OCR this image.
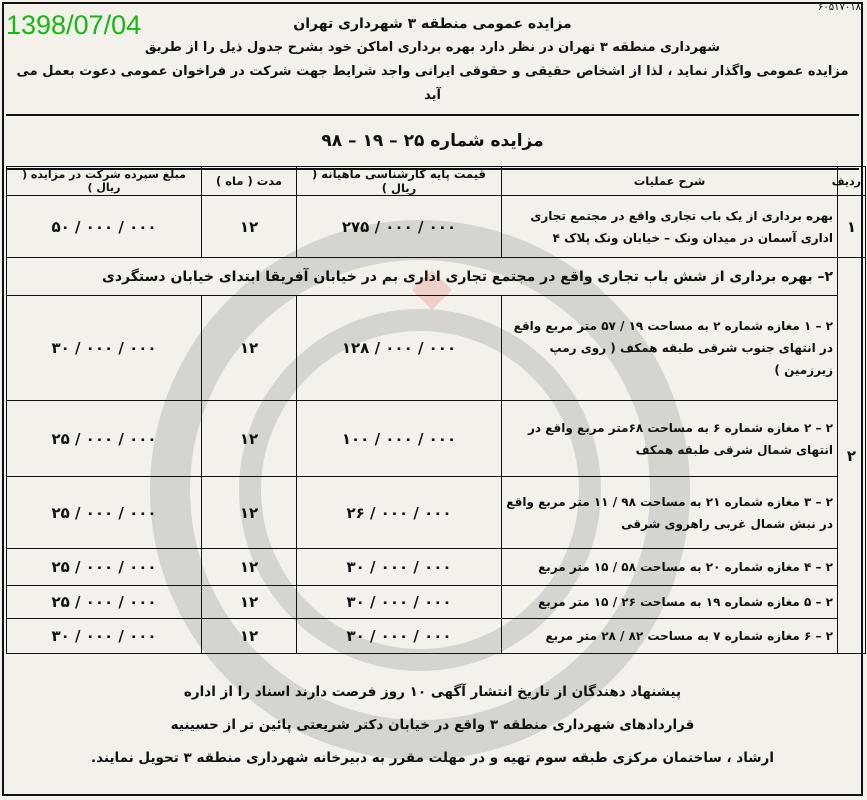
1398/07/04
۶۰۵۱۷۰۱۸
مزایده عمومی منطقه ۳ شهرداری تهران
شهرداری منطقه ۳ تهران در نظر دارد بهره برداری اماکن خود بشرح جدول ذیل را از طریق
مزایده عمومی واگذار نماید ، لذا از اشخاص حقیقی و حقوقی ایرانی واجد شرایط جهت شرکت در فراخوان عمومی دعوت بعمل می آید
مزایده شماره ۲۵ – ۱۹ – ۹۸
ردیف	شرح عملیات	قیمت پایه کارشناسی ماهیانه ( ریال )	مدت ( ماه )	مبلغ سپرده شرکت در مزایده ( ریال )
۱	بهره برداری از یک باب تجاری واقع در مجتمع تجاری اداری آسمان در میدان ونک – خیابان ونک پلاک ۴	۲۷۵ / ۰۰۰ / ۰۰۰	۱۲	۵۰ / ۰۰۰ / ۰۰۰
۲	۲– بهره برداری از شش باب تجاری واقع در مجتمع تجاری اداری بم در خیابان آفریقا ابتدای خیابان دستگردی			
	۲ – ۱ مغازه شماره ۲ به مساحت ۱۹ / ۵۷ متر مربع واقع در انتهای جنوب شرقی طبقه همکف ( روی رمپ زیرزمین )	۱۲۸ / ۰۰۰ / ۰۰۰	۱۲	۳۰ / ۰۰۰ / ۰۰۰
	۲ – ۲ مغازه شماره ۶ به مساحت ۶۸متر مربع واقع در انتهای شمال شرقی طبقه همکف	۱۰۰ / ۰۰۰ / ۰۰۰	۱۲	۲۵ / ۰۰۰ / ۰۰۰
	۲ – ۳ مغازه شماره ۲۱ به مساحت ۹۸ / ۱۱ متر مربع واقع در نبش شمال غربی راهروی شرقی	۲۶ / ۰۰۰ / ۰۰۰	۱۲	۲۵ / ۰۰۰ / ۰۰۰
	۲ – ۴ مغازه شماره ۲۰ به مساحت ۵۸ / ۱۵ متر مربع	۳۰ / ۰۰۰ / ۰۰۰	۱۲	۲۵ / ۰۰۰ / ۰۰۰
	۲ – ۵ مغازه شماره ۱۹ به مساحت ۲۶ / ۱۵ متر مربع	۳۰ / ۰۰۰ / ۰۰۰	۱۲	۲۵ / ۰۰۰ / ۰۰۰
	۲ – ۶ مغازه شماره ۷ به مساحت ۸۲ / ۲۸ متر مربع	۳۰ / ۰۰۰ / ۰۰۰	۱۲	۳۰ / ۰۰۰ / ۰۰۰
پیشنهاد دهندگان از تاریخ انتشار آگهی ۱۰ روز فرصت دارند اسناد را از اداره
قراردادهای شهرداری منطقه ۳ واقع در خیابان دکتر شریعتی پائین تر از حسینیه
ارشاد ، ساختمان مرکزی طبقه سوم تهیه و در مهلت مقرر به دبیرخانه شهرداری منطقه ۳ تحویل نمایند.
